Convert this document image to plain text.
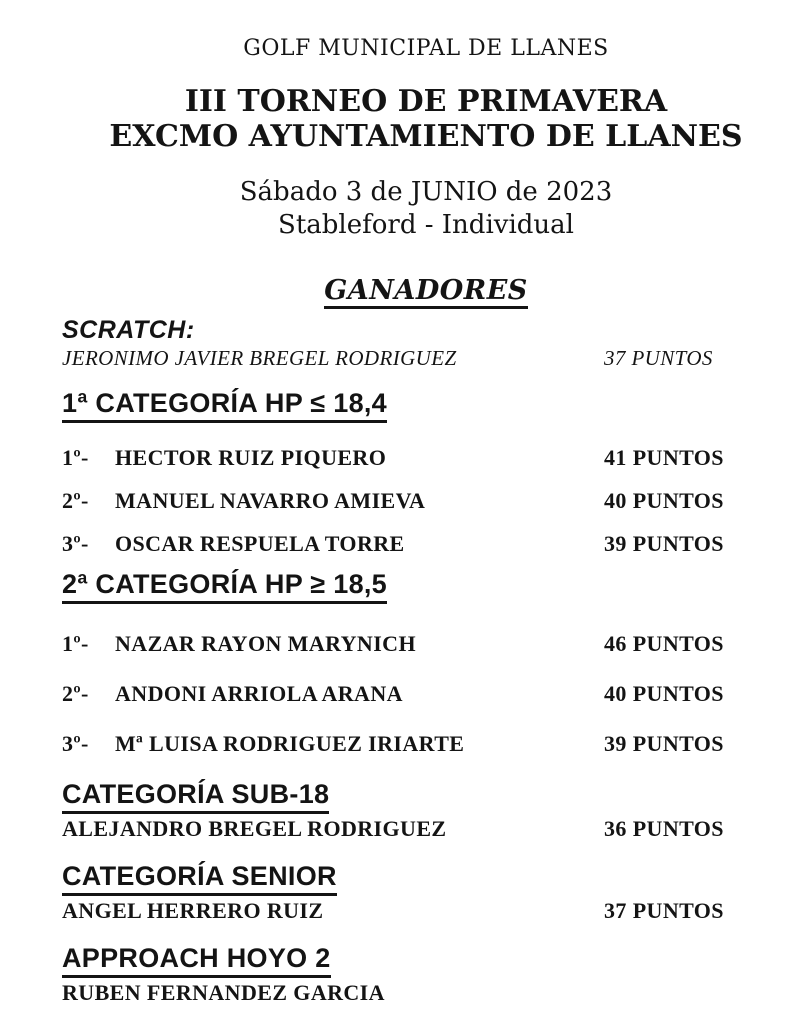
GOLF MUNICIPAL DE LLANES
III TORNEO DE PRIMAVERA
EXCMO AYUNTAMIENTO DE LLANES
Sábado 3 de JUNIO de 2023
Stableford - Individual
GANADORES
SCRATCH:
JERONIMO JAVIER BREGEL RODRIGUEZ	37 PUNTOS
1ª CATEGORÍA HP ≤ 18,4
1º- HECTOR RUIZ PIQUERO	41 PUNTOS
2º- MANUEL NAVARRO AMIEVA	40 PUNTOS
3º- OSCAR RESPUELA TORRE	39 PUNTOS
2ª CATEGORÍA HP ≥ 18,5
1º- NAZAR RAYON MARYNICH	46 PUNTOS
2º- ANDONI ARRIOLA ARANA	40 PUNTOS
3º- Mª LUISA RODRIGUEZ IRIARTE	39 PUNTOS
CATEGORÍA SUB-18
ALEJANDRO BREGEL RODRIGUEZ	36 PUNTOS
CATEGORÍA SENIOR
ANGEL HERRERO RUIZ	37 PUNTOS
APPROACH HOYO 2
RUBEN FERNANDEZ GARCIA
